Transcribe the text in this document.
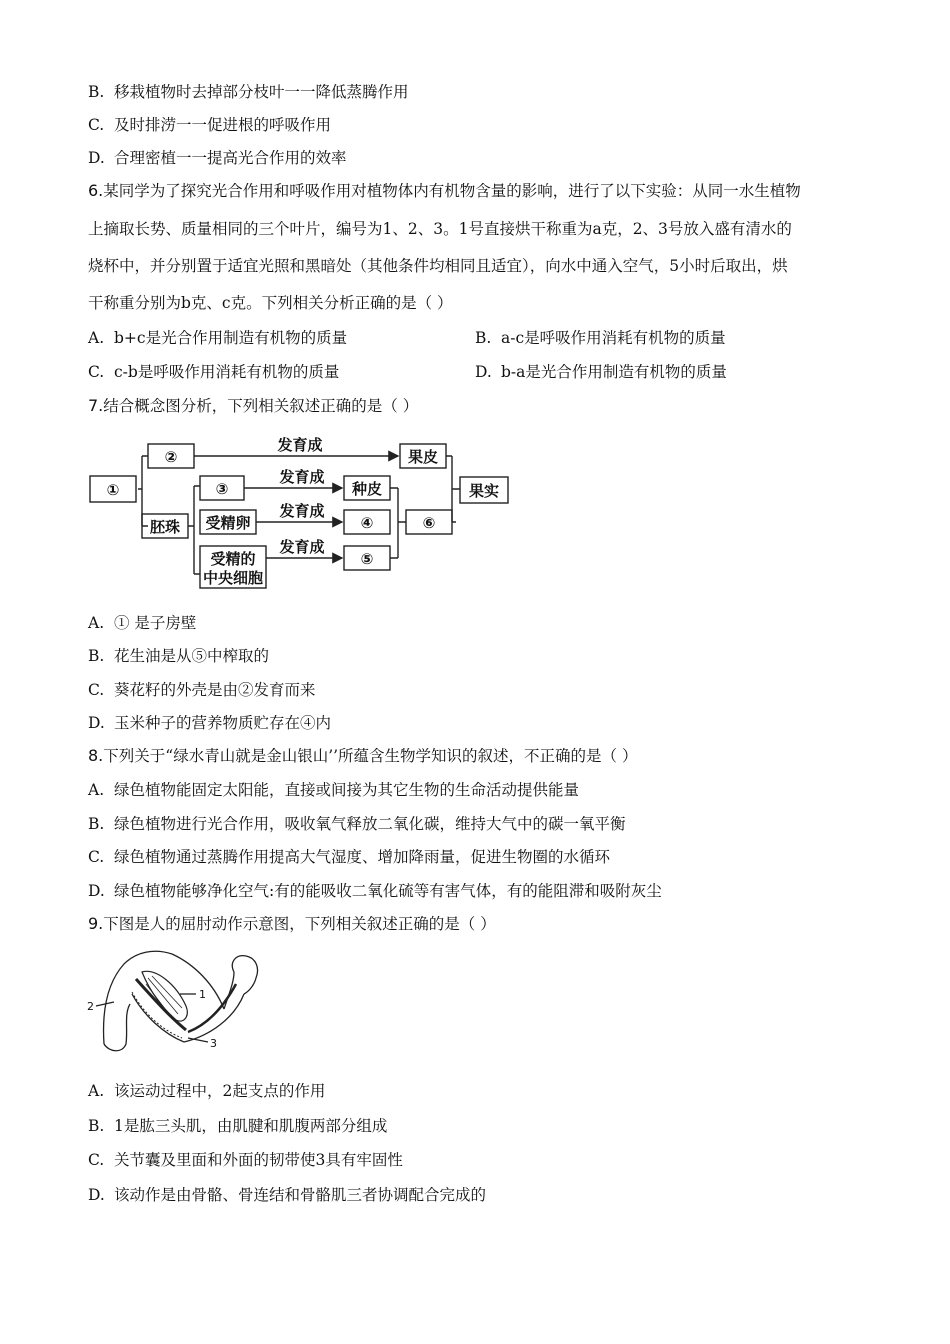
B. 移栽植物时去掉部分枝叶一一降低蒸腾作用
C. 及时排涝一一促进根的呼吸作用
D. 合理密植一一提高光合作用的效率
6.某同学为了探究光合作用和呼吸作用对植物体内有机物含量的影响，进行了以下实验：从同一水生植物
上摘取长势、质量相同的三个叶片，编号为1、2、3。1号直接烘干称重为a克，2、3号放入盛有清水的
烧杯中，并分别置于适宜光照和黑暗处（其他条件均相同且适宜），向水中通入空气，5小时后取出，烘
干称重分别为b克、c克。下列相关分析正确的是（ ）
A. b+c是光合作用制造有机物的质量	B. a-c是呼吸作用消耗有机物的质量
C. c-b是呼吸作用消耗有机物的质量	D. b-a是光合作用制造有机物的质量
7.结合概念图分析，下列相关叙述正确的是（ ）
①
②	果皮
胚珠
③	种皮
受精卵	④
受精的
中央细胞
⑤
⑥
果实
发育成
发育成
发育成
发育成
A. ① 是子房壁
B. 花生油是从⑤中榨取的
C. 葵花籽的外壳是由②发育而来
D. 玉米种子的营养物质贮存在④内
8.下列关于“绿水青山就是金山银山’’所蕴含生物学知识的叙述，不正确的是（ ）
A. 绿色植物能固定太阳能，直接或间接为其它生物的生命活动提供能量
B. 绿色植物进行光合作用，吸收氧气释放二氧化碳，维持大气中的碳一氧平衡
C. 绿色植物通过蒸腾作用提高大气湿度、增加降雨量，促进生物圈的水循环
D. 绿色植物能够净化空气:有的能吸收二氧化硫等有害气体，有的能阻滞和吸附灰尘
9.下图是人的屈肘动作示意图，下列相关叙述正确的是（ ）
1
2
3
A. 该运动过程中，2起支点的作用
B. 1是肱三头肌，由肌腱和肌腹两部分组成
C. 关节囊及里面和外面的韧带使3具有牢固性
D. 该动作是由骨骼、骨连结和骨骼肌三者协调配合完成的
